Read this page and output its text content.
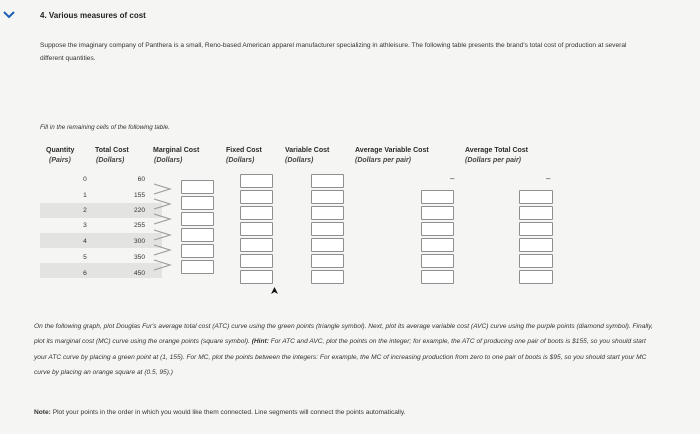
4. Various measures of cost
Suppose the imaginary company of Panthera is a small, Reno-based American apparel manufacturer specializing in athleisure. The following table presents the brand's total cost of production at several different quantities.
Fill in the remaining cells of the following table.
Quantity
(Pairs)
Total Cost
(Dollars)
Marginal Cost
(Dollars)
Fixed Cost
(Dollars)
Variable Cost
(Dollars)
Average Variable Cost
(Dollars per pair)
Average Total Cost
(Dollars per pair)
0
1
2
3
4
5
6
60
155
220
255
300
350
450
–	–
On the following graph, plot Douglas Fur's average total cost (ATC) curve using the green points (triangle symbol). Next, plot its average variable cost (AVC) curve using the purple points (diamond symbol). Finally, plot its marginal cost (MC) curve using the orange points (square symbol). (Hint: For ATC and AVC, plot the points on the integer; for example, the ATC of producing one pair of boots is $155, so you should start your ATC curve by placing a green point at (1, 155). For MC, plot the points between the integers: For example, the MC of increasing production from zero to one pair of boots is $95, so you should start your MC curve by placing an orange square at (0.5, 95).)
Note: Plot your points in the order in which you would like them connected. Line segments will connect the points automatically.
